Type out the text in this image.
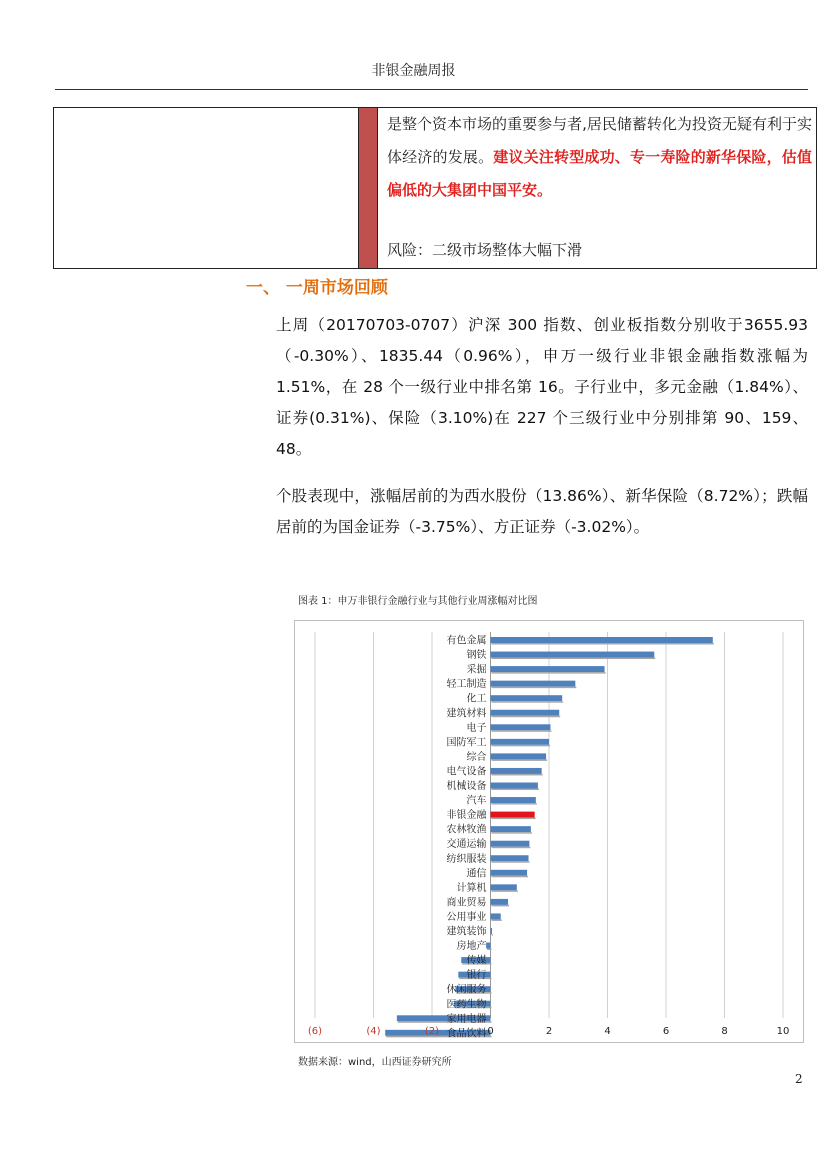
非银金融周报
是整个资本市场的重要参与者,居民储蓄转化为投资无疑有利于实体经济的发展。建议关注转型成功、专一寿险的新华保险，估值偏低的大集团中国平安。
风险：二级市场整体大幅下滑
一、 一周市场回顾
上周（20170703-0707）沪深 300 指数、创业板指数分别收于3655.93（-0.30%）、1835.44（0.96%），申万一级行业非银金融指数涨幅为 1.51%，在 28 个一级行业中排名第 16。子行业中，多元金融（1.84%）、证券(0.31%)、保险（3.10%)在 227 个三级行业中分别排第 90、159、48。
个股表现中，涨幅居前的为西水股份（13.86%）、新华保险（8.72%）；跌幅居前的为国金证券（-3.75%）、方正证券（-3.02%）。
图表 1：申万非银行金融行业与其他行业周涨幅对比图
有色金属
钢铁
采掘
轻工制造
化工
建筑材料
电子
国防军工
综合
电气设备
机械设备
汽车
非银金融
农林牧渔
交通运输
纺织服装
通信
计算机
商业贸易
公用事业
建筑装饰
房地产
传媒
银行
休闲服务
医药生物
家用电器
食品饮料
(6)	(4)	(2)	0	2	4	6	8	10
数据来源：wind，山西证券研究所
2
